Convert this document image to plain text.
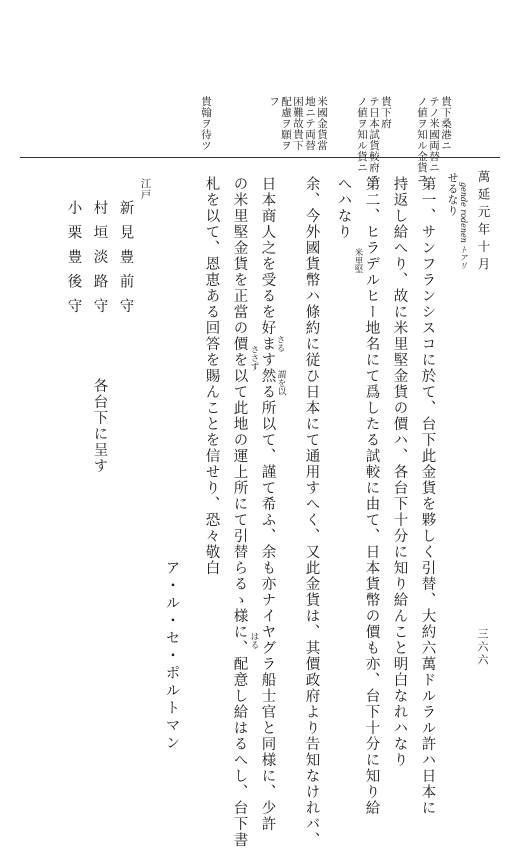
三六六
貴下桑港ニ
テノ米國両替ニ
ノ値ヲ知ル金貨ニ
貴下府
テ日本試貨較府ニ
ノ値ヲ知ル貨ニ
米國金貨當
地ニテ両替
困難故貴下
配慮ヲ願ヲ
フ
貴翰ヲ待ツ
萬延元年十月
gende rodenen トアリ
せるなり
第一、サンフランシスコに於て、台下此金貨を夥しく引替、大約六萬ドルラル許ハ日本に
持返し給へり、故に米里堅金貨の價ハ、各台下十分に知り給んこと明白なれハなり
第二、ヒラデルヒー地名にて爲したる試較に由て、日本貨幣の價も亦、台下十分に知り給
へハなり
余、今外國貨幣ハ條約に従ひ日本にて通用すへく、又此金貨は、其價政府より告知なけれバ、
日本商人之を受るを好ます然る所以て、謹て希ふ、余も亦ナイヤグラ船士官と同様に、少許
の米里堅金貨を正當の價を以て此地の運上所にて引替らるゝ様に、配意し給はるへし、台下書
札を以て、恩恵ある回答を賜んことを信せり、恐々敬白	米里堅
さる
ささず
謂を以
はる
ア・ル・セ・ポルトマン
江戸
新見豊前守
村垣淡路守
各台下に呈す
小栗豊後守
